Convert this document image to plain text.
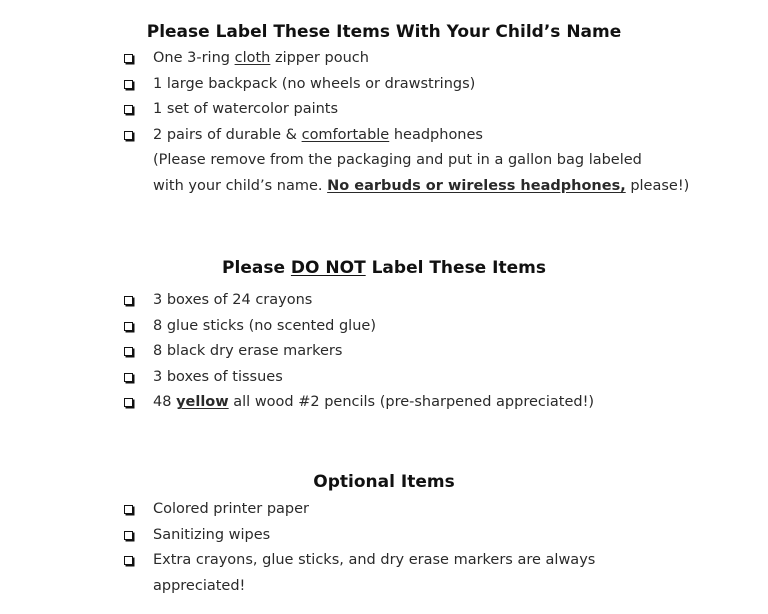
Please Label These Items With Your Child’s Name
One 3-ring cloth zipper pouch
1 large backpack (no wheels or drawstrings)
1 set of watercolor paints
2 pairs of durable & comfortable headphones
(Please remove from the packaging and put in a gallon bag labeled
with your child’s name. No earbuds or wireless headphones, please!)
Please DO NOT Label These Items
3 boxes of 24 crayons
8 glue sticks (no scented glue)
8 black dry erase markers
3 boxes of tissues
48 yellow all wood #2 pencils (pre-sharpened appreciated!)
Optional Items
Colored printer paper
Sanitizing wipes
Extra crayons, glue sticks, and dry erase markers are always
appreciated!
